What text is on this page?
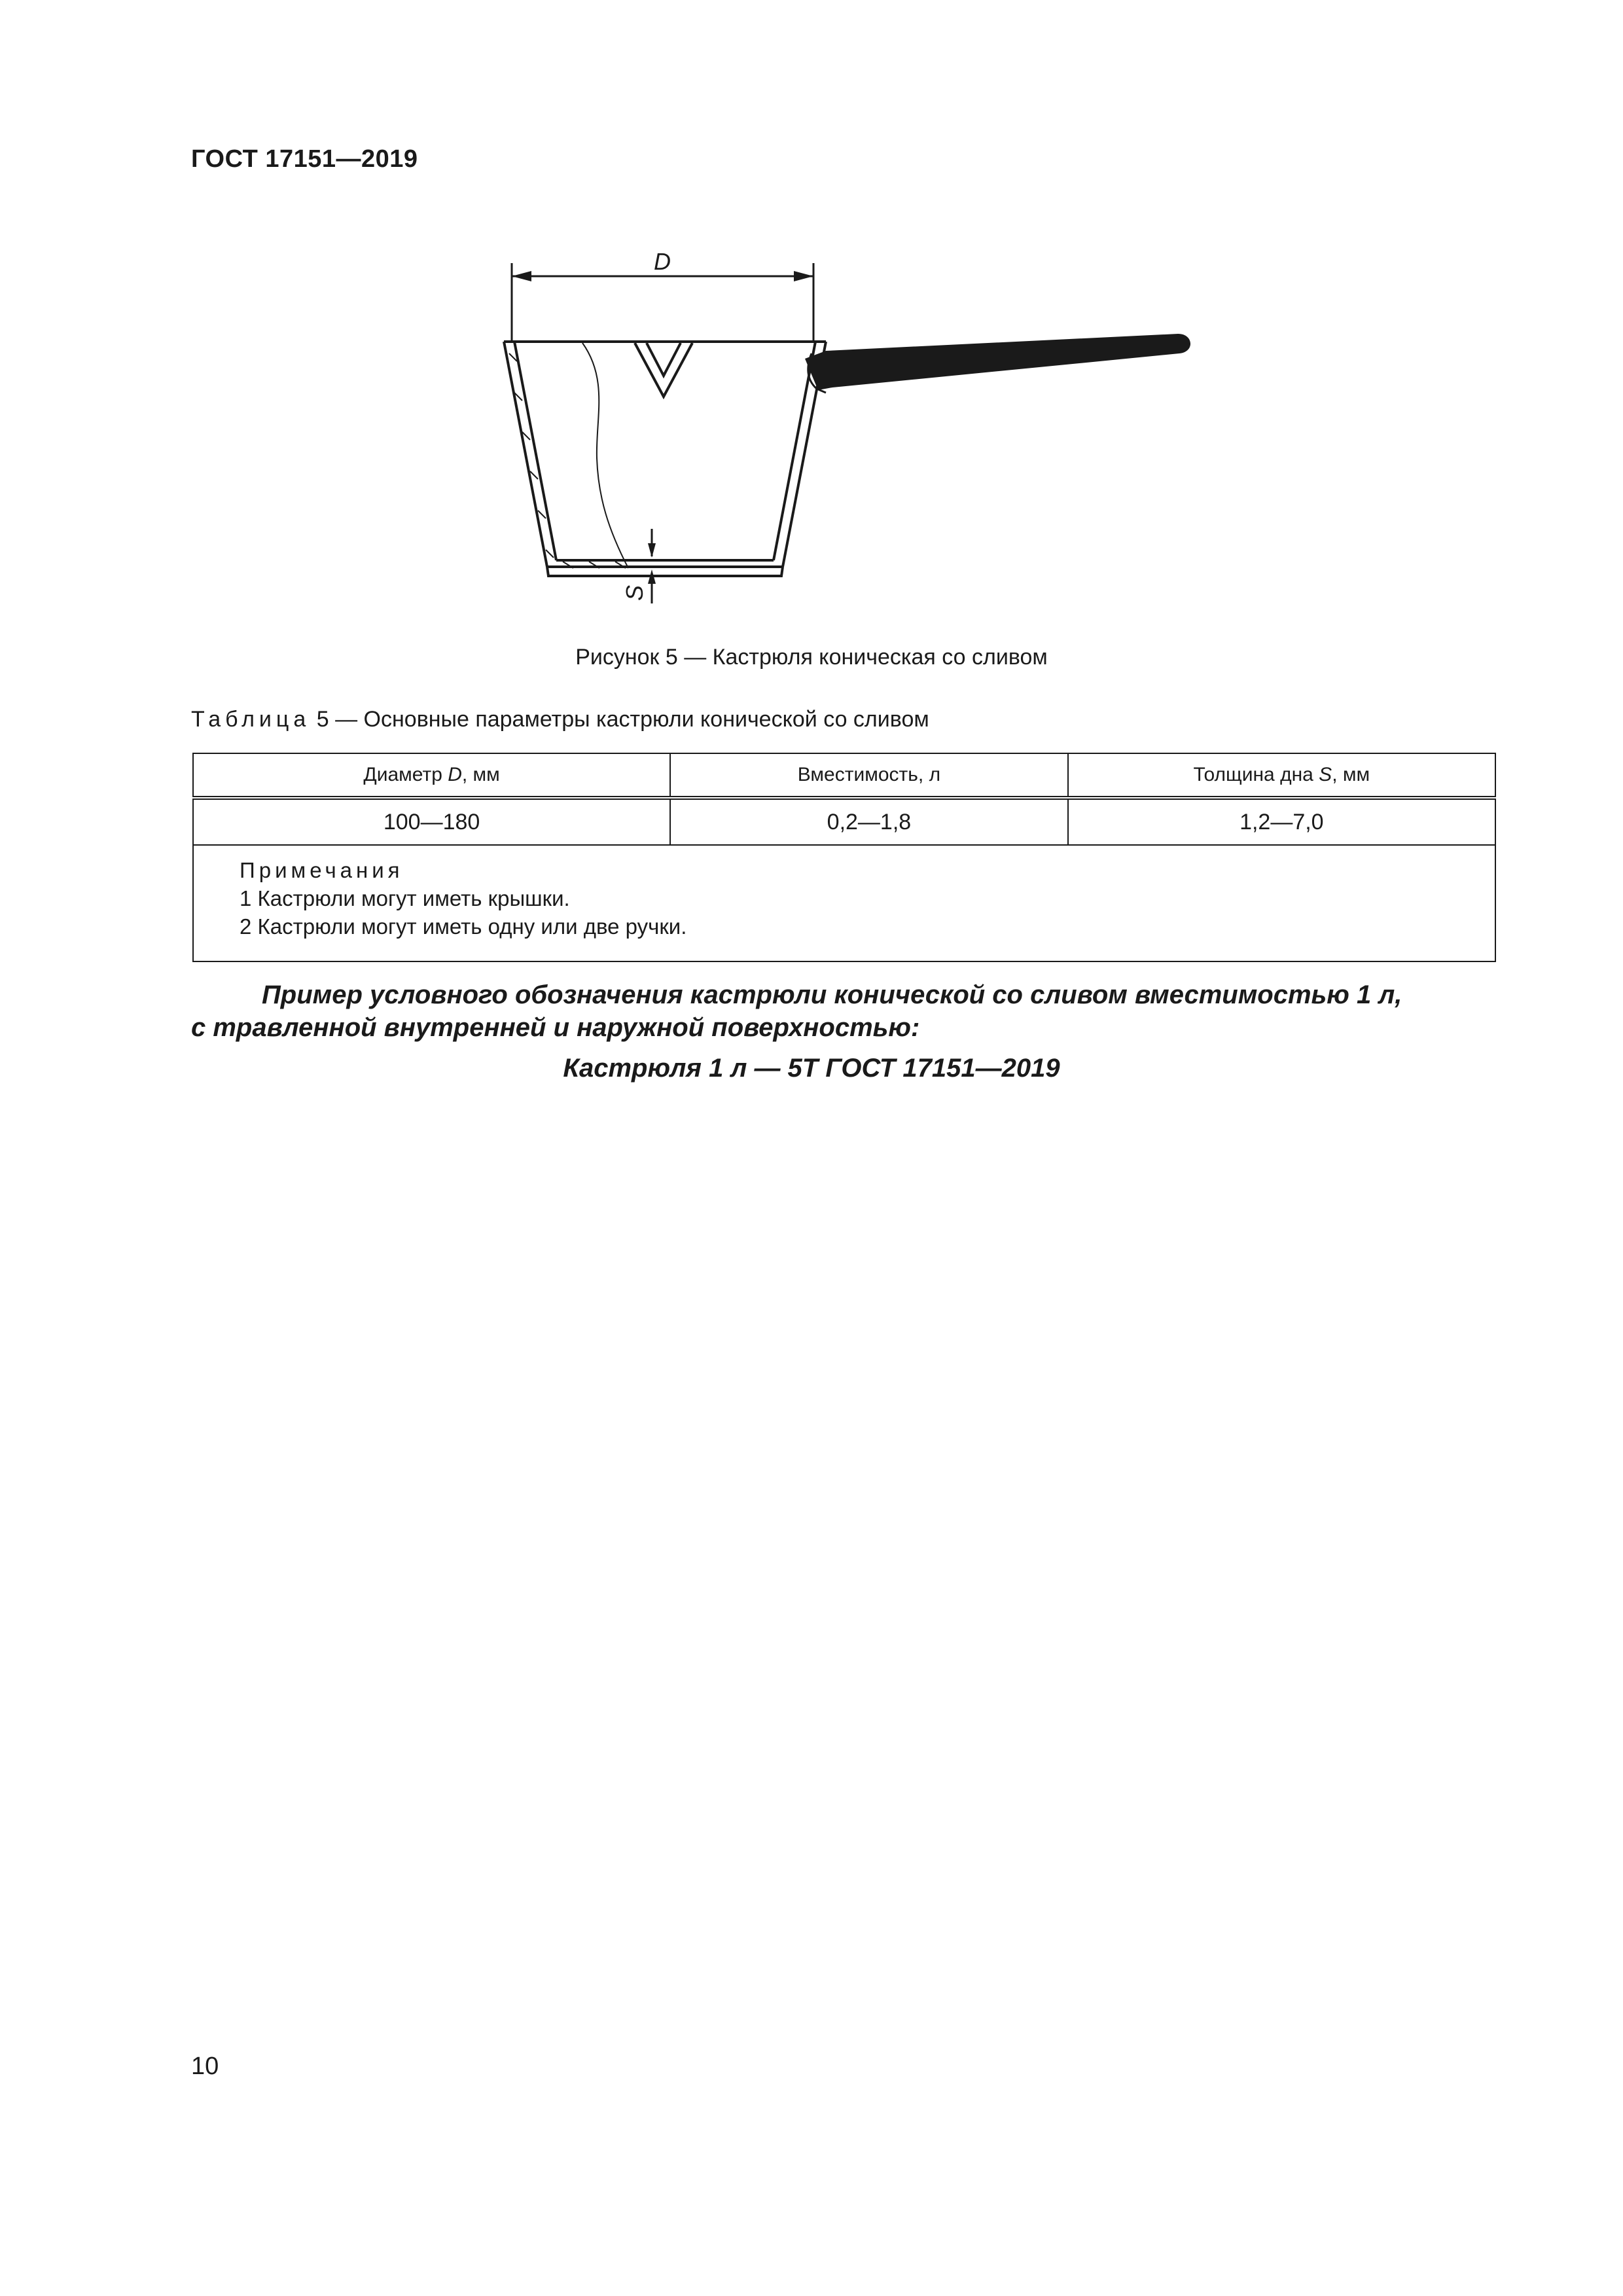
ГОСТ 17151—2019
D
S
Рисунок 5 — Кастрюля коническая со сливом
Таблица 5 — Основные параметры кастрюли конической со сливом
Диаметр D, мм	Вместимость, л	Толщина дна S, мм
100—180	0,2—1,8	1,2—7,0

Примечания
1 Кастрюли могут иметь крышки.
2 Кастрюли могут иметь одну или две ручки.		
Пример условного обозначения кастрюли конической со сливом вместимостью 1 л,
с травленной внутренней и наружной поверхностью:
Кастрюля 1 л — 5Т ГОСТ 17151—2019
10
